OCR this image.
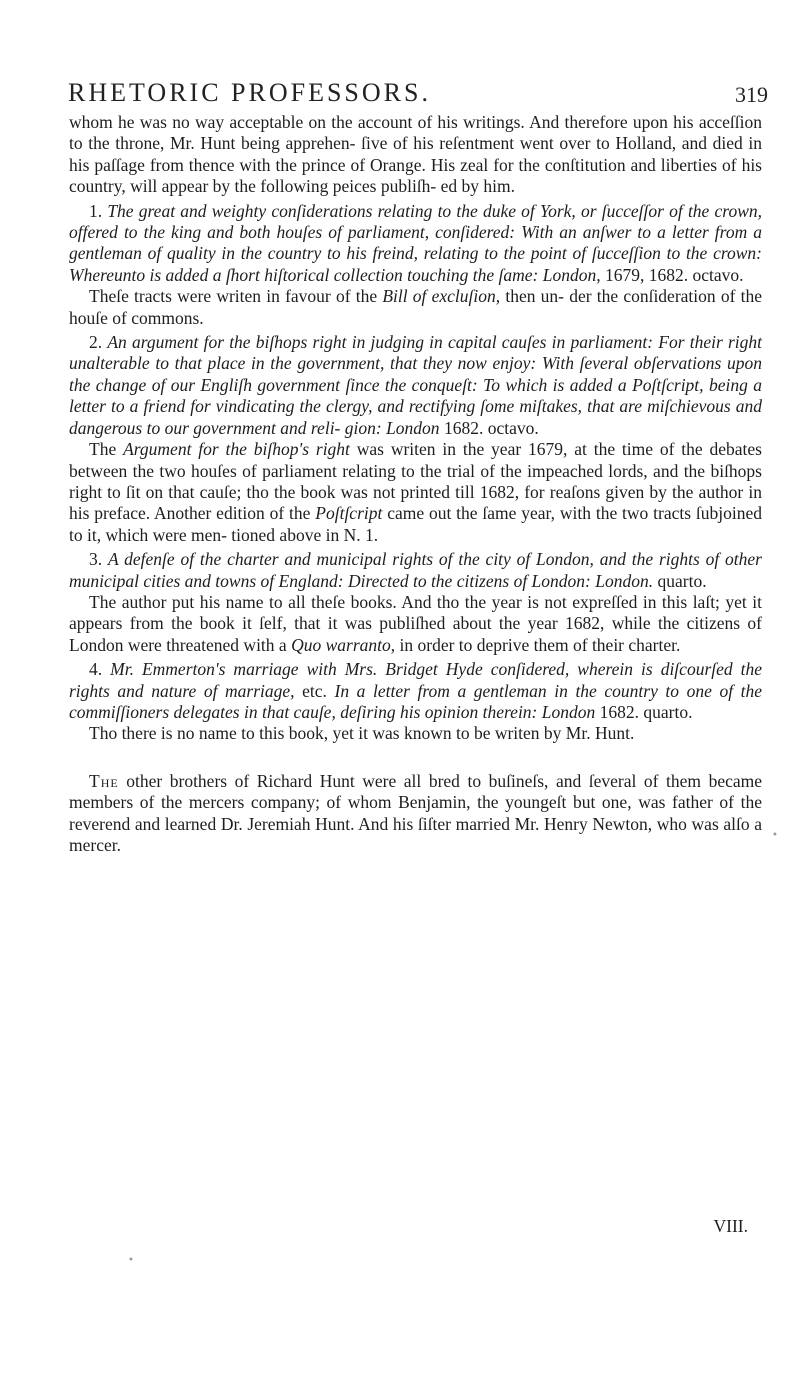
RHETORIC PROFESSORS.	319

whom he was no way acceptable on the account of his writings. And therefore upon his acceſſion to the throne, Mr. Hunt being apprehen- ſive of his reſentment went over to Holland, and died in his paſſage from thence with the prince of Orange. His zeal for the conſtitution and liberties of his country, will appear by the following peices publiſh- ed by him.

1. The great and weighty conſiderations relating to the duke of York, or ſucceſſor of the crown, offered to the king and both houſes of parliament, conſidered: With an anſwer to a letter from a gentleman of quality in the country to his freind, relating to the point of ſucceſſion to the crown: Whereunto is added a ſhort hiſtorical collection touching the ſame: London, 1679, 1682. octavo.

Theſe tracts were writen in favour of the Bill of excluſion, then un- der the conſideration of the houſe of commons.

2. An argument for the biſhops right in judging in capital cauſes in parliament: For their right unalterable to that place in the government, that they now enjoy: With ſeveral obſervations upon the change of our Engliſh government ſince the conqueſt: To which is added a Poſtſcript, being a letter to a friend for vindicating the clergy, and rectifying ſome miſtakes, that are miſchievous and dangerous to our government and reli- gion: London 1682. octavo.

The Argument for the biſhop's right was writen in the year 1679, at the time of the debates between the two houſes of parliament relating to the trial of the impeached lords, and the biſhops right to ſit on that cauſe; tho the book was not printed till 1682, for reaſons given by the author in his preface. Another edition of the Poſtſcript came out the ſame year, with the two tracts ſubjoined to it, which were men- tioned above in N. 1.

3. A defenſe of the charter and municipal rights of the city of London, and the rights of other municipal cities and towns of England: Directed to the citizens of London: London. quarto.

The author put his name to all theſe books. And tho the year is not expreſſed in this laſt; yet it appears from the book it ſelf, that it was publiſhed about the year 1682, while the citizens of London were threatened with a Quo warranto, in order to deprive them of their charter.

4. Mr. Emmerton's marriage with Mrs. Bridget Hyde conſidered, wherein is diſcourſed the rights and nature of marriage, etc. In a letter from a gentleman in the country to one of the commiſſioners delegates in that cauſe, deſiring his opinion therein: London 1682. quarto.

Tho there is no name to this book, yet it was known to be writen by Mr. Hunt.

The other brothers of Richard Hunt were all bred to buſineſs, and ſeveral of them became members of the mercers company; of whom Benjamin, the youngeſt but one, was father of the reverend and learned Dr. Jeremiah Hunt. And his ſiſter married Mr. Henry Newton, who was alſo a mercer.

VIII.
•
•
